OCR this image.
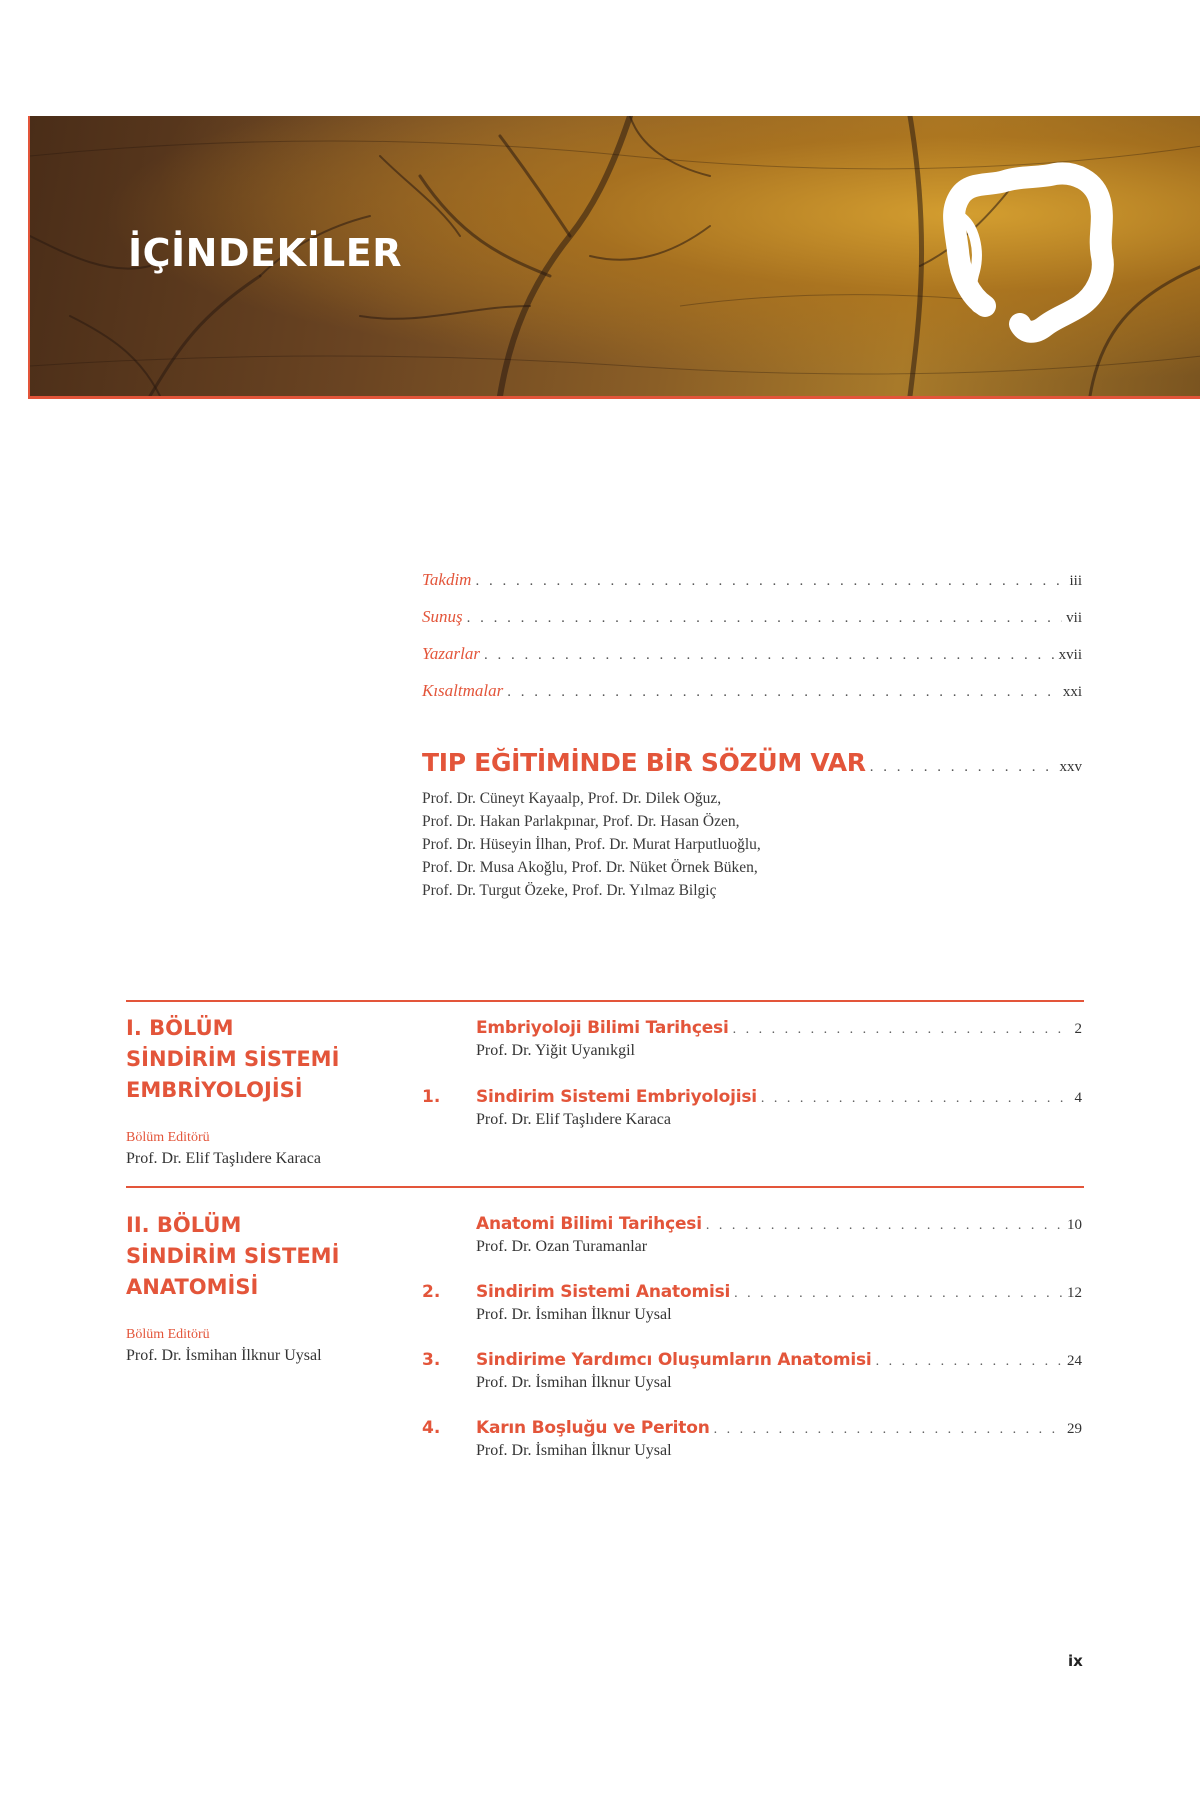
İÇİNDEKİLER
Takdim . . .	iii
Sunuş . . .	vii
Yazarlar . . .	xvii
Kısaltmalar . . .	xxi
TIP EĞİTİMİNDE BİR SÖZÜM VAR . . .	xxv
Prof. Dr. Cüneyt Kayaalp, Prof. Dr. Dilek Oğuz,
Prof. Dr. Hakan Parlakpınar, Prof. Dr. Hasan Özen,
Prof. Dr. Hüseyin İlhan, Prof. Dr. Murat Harputluoğlu,
Prof. Dr. Musa Akoğlu, Prof. Dr. Nüket Örnek Büken,
Prof. Dr. Turgut Özeke, Prof. Dr. Yılmaz Bilgiç
I. BÖLÜM
SİNDİRİM SİSTEMİ
EMBRİYOLOJİSİ
Bölüm Editörü
Prof. Dr. Elif Taşlıdere Karaca
Embriyoloji Bilimi Tarihçesi . . .	2
Prof. Dr. Yiğit Uyanıkgil
1.	Sindirim Sistemi Embriyolojisi . . .	4
Prof. Dr. Elif Taşlıdere Karaca
II. BÖLÜM
SİNDİRİM SİSTEMİ
ANATOMİSİ
Bölüm Editörü
Prof. Dr. İsmihan İlknur Uysal
Anatomi Bilimi Tarihçesi . . .	10
Prof. Dr. Ozan Turamanlar
2.	Sindirim Sistemi Anatomisi . . .	12
Prof. Dr. İsmihan İlknur Uysal
3.	Sindirime Yardımcı Oluşumların Anatomisi . . .	24
Prof. Dr. İsmihan İlknur Uysal
4.	Karın Boşluğu ve Periton . . .	29
Prof. Dr. İsmihan İlknur Uysal
ix
